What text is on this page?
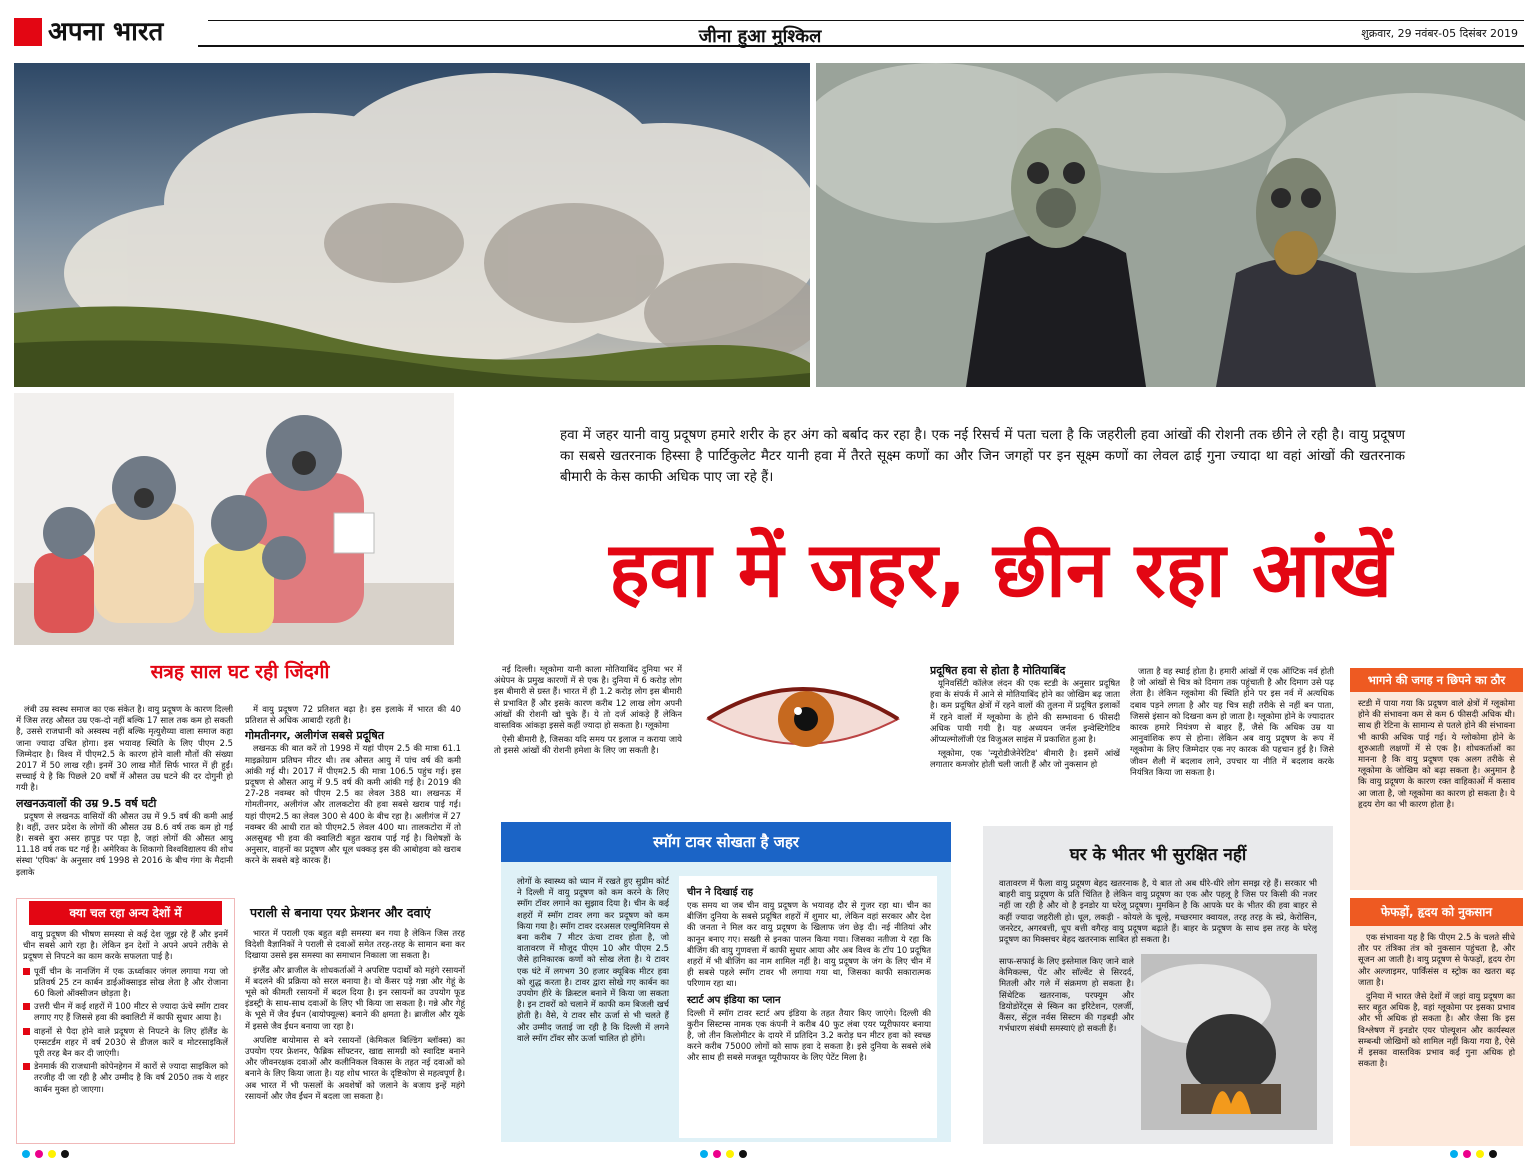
अपना भारत	जीना हुआ मुश्किल	शुक्रवार, 29 नवंबर-05 दिसंबर 2019
हवा में जहर यानी वायु प्रदूषण हमारे शरीर के हर अंग को बर्बाद कर रहा है। एक नई रिसर्च में पता चला है कि जहरीली हवा आंखों की रोशनी तक छीने ले रही है। वायु प्रदूषण का सबसे खतरनाक हिस्सा है पार्टिकुलेट मैटर यानी हवा में तैरते सूक्ष्म कणों का और जिन जगहों पर इन सूक्ष्म कणों का लेवल ढाई गुना ज्यादा था वहां आंखों की खतरनाक बीमारी के केस काफी अधिक पाए जा रहे हैं।
हवा में जहर, छीन रहा आंखें
सत्रह साल घट रही जिंदगी

लंबी उम्र स्वस्थ समाज का एक संकेत है। वायु प्रदूषण के कारण दिल्ली में जिस तरह औसत उम्र एक-दो नहीं बल्कि 17 साल तक कम हो सकती है, उससे राजधानी को अस्वस्थ नहीं बल्कि मृत्युशैय्या वाला समाज कहा जाना ज्यादा उचित होगा। इस भयावह स्थिति के लिए पीएम 2.5 जिम्मेदार है। विश्व में पीएम2.5 के कारण होने वाली मौतों की संख्या 2017 में 50 लाख रही। इनमें 30 लाख मौतें सिर्फ भारत में ही हुईं। सच्चाई ये है कि पिछले 20 वर्षों में औसत उम्र घटने की दर दोगुनी हो गयी है।

लखनऊवालों की उम्र 9.5 वर्ष घटी

प्रदूषण से लखनऊ वासियों की औसत उम्र में 9.5 वर्ष की कमी आई है। वहीं, उत्तर प्रदेश के लोगों की औसत उम्र 8.6 वर्ष तक कम हो गई है। सबसे बुरा असर हापुड़ पर पड़ा है, जहां लोगों की औसत आयु 11.18 वर्ष तक घट गई है। अमेरिका के शिकागो विश्वविद्यालय की शोध संस्था 'एपिक' के अनुसार वर्ष 1998 से 2016 के बीच गंगा के मैदानी इलाके

में वायु प्रदूषण 72 प्रतिशत बढ़ा है। इस इलाके में भारत की 40 प्रतिशत से अधिक आबादी रहती है।

गोमतीनगर, अलीगंज सबसे प्रदूषित

लखनऊ की बात करें तो 1998 में यहां पीएम 2.5 की मात्रा 61.1 माइक्रोग्राम प्रतिघन मीटर थी। तब औसत आयु में पांच वर्ष की कमी आंकी गई थी। 2017 में पीएम2.5 की मात्रा 106.5 पहुंच गई। इस प्रदूषण से औसत आयु में 9.5 वर्ष की कमी आंकी गई है। 2019 की 27-28 नवम्बर को पीएम 2.5 का लेवल 388 था। लखनऊ में गोमतीनगर, अलीगंज और तालकटोरा की हवा सबसे खराब पाई गई। यहां पीएम2.5 का लेवल 300 से 400 के बीच रहा है। अलीगंज में 27 नवम्बर की आधी रात को पीएम2.5 लेवल 400 था। तालकटोरा में तो अलसुबह भी हवा की क्वालिटी बहुत खराब पाई गई है। विशेषज्ञों के अनुसार, वाहनों का प्रदूषण और धूल धक्कड़ इस की आबोहवा को खराब करने के सबसे बड़े कारक हैं।

नई दिल्ली। ग्लूकोमा यानी काला मोतियाबिंद दुनिया भर में अंधेपन के प्रमुख कारणों में से एक है। दुनिया में 6 करोड़ लोग इस बीमारी से ग्रस्त हैं। भारत में ही 1.2 करोड़ लोग इस बीमारी से प्रभावित हैं और इसके कारण करीब 12 लाख लोग अपनी आंखों की रोशनी खो चुके हैं। ये तो दर्ज आंकड़े हैं लेकिन वास्तविक आंकड़ा इससे कहीं ज्यादा हो सकता है। ग्लूकोमा

ऐसी बीमारी है, जिसका यदि समय पर इलाज न कराया जाये तो इससे आंखों की रोशनी हमेशा के लिए जा सकती है।

प्रदूषित हवा से होता है मोतियाबिंद

यूनिवर्सिटी कॉलेज लंदन की एक स्टडी के अनुसार प्रदूषित हवा के संपर्क में आने से मोतियाबिंद होने का जोखिम बढ़ जाता है। कम प्रदूषित क्षेत्रों में रहने वालों की तुलना में प्रदूषित इलाकों में रहने वालों में ग्लूकोमा के होने की सम्भावना 6 फीसदी अधिक पायी गयी है। यह अध्ययन जर्नल इन्वेस्टिगेटिव ऑप्थल्मोलॉजी एंड विजुअल साइंस में प्रकाशित हुआ है।

ग्लूकोमा, एक 'न्यूरोडीजेनेरेटिव' बीमारी है। इसमें आंखें लगातार कमजोर होती चली जाती हैं और जो नुकसान हो

जाता है वह स्थाई होता है। हमारी आंखों में एक ऑप्टिक नर्व होती है जो आंखों से चित्र को दिमाग तक पहुंचाती है और दिमाग उसे पढ़ लेता है। लेकिन ग्लूकोमा की स्थिति होने पर इस नर्व में अत्यधिक दबाव पड़ने लगता है और यह चित्र सही तरीके से नहीं बन पाता, जिससे इंसान को दिखना कम हो जाता है। ग्लूकोमा होने के ज्यादातर कारक हमारे नियंत्रण से बाहर हैं, जैसे कि अधिक उम्र या आनुवांशिक रूप से होना। लेकिन अब वायु प्रदूषण के रूप में ग्लूकोमा के लिए जिम्मेदार एक नए कारक की पहचान हुई है। जिसे जीवन शैली में बदलाव लाने, उपचार या नीति में बदलाव करके नियंत्रित किया जा सकता है।

भागने की जगह न छिपने का ठौर
स्टडी में पाया गया कि प्रदूषण वाले क्षेत्रों में ग्लूकोमा होने की संभावना कम से कम 6 फीसदी अधिक थी। साथ ही रेटिना के सामान्य से पतले होने की संभावना भी काफी अधिक पाई गई। ये ग्लोकोमा होने के शुरुआती लक्षणों में से एक है। शोधकर्ताओं का मानना है कि वायु प्रदूषण एक अलग तरीके से ग्लूकोमा के जोखिम को बढ़ा सकता है। अनुमान है कि वायु प्रदूषण के कारण रक्त वाहिकाओं में कसाव आ जाता है, जो ग्लूकोमा का कारण हो सकता है। ये हृदय रोग का भी कारण होता है।
फेफड़ों, हृदय को नुकसान

एक संभावना यह है कि पीएम 2.5 के चलते सीधे तौर पर तंत्रिका तंत्र को नुकसान पहुंचता है, और सूजन आ जाती है। वायु प्रदूषण से फेफड़ों, हृदय रोग और अल्जाइमर, पार्किंसंस व स्ट्रोक का खतरा बढ़ जाता है।

दुनिया में भारत जैसे देशों में जहां वायु प्रदूषण का स्तर बहुत अधिक है, वहां ग्लूकोमा पर इसका प्रभाव और भी अधिक हो सकता है। और जैसा कि इस विश्लेषण में इनडोर एयर पोल्यूशन और कार्यस्थल सम्बन्धी जोखिमों को शामिल नहीं किया गया है, ऐसे में इसका वास्तविक प्रभाव कई गुना अधिक हो सकता है।

क्या चल रहा अन्य देशों में

वायु प्रदूषण की भीषण समस्या से कई देश जूझ रहे हैं और इनमें चीन सबसे आगे रहा है। लेकिन इन देशों ने अपने अपने तरीके से प्रदूषण से निपटने का काम करके सफलता पाई है।

पूर्वी चीन के नानजिंग में एक ऊर्ध्वाकार जंगल लगाया गया जो प्रतिवर्ष 25 टन कार्बन डाईऑक्साइड सोख लेता है और रोजाना 60 किलो ऑक्सीजन छोड़ता है।
उत्तरी चीन में कई शहरों में 100 मीटर से ज्यादा ऊंचे स्मॉग टावर लगाए गए हैं जिससे हवा की क्वालिटी में काफी सुधार आया है।
वाहनों से पैदा होने वाले प्रदूषण से निपटने के लिए हॉलैंड के एम्सटर्डम शहर में वर्ष 2030 से डीजल कारें व मोटरसाइकिलें पूरी तरह बैन कर दी जाएंगी।
डेनमार्क की राजधानी कोपेनहेगन में कारों से ज्यादा साइकिल को तरजीह दी जा रही है और उम्मीद है कि वर्ष 2050 तक ये शहर कार्बन मुक्त हो जाएगा।
पराली से बनाया एयर फ्रेशनर और दवाएं

भारत में पराली एक बहुत बड़ी समस्या बन गया है लेकिन जिस तरह विदेशी वैज्ञानिकों ने पराली से दवाओं समेत तरह-तरह के सामान बना कर दिखाया उससे इस समस्या का समाधान निकाला जा सकता है।

इंग्लैंड और ब्राजील के शोधकर्ताओं ने अपशिष्ट पदार्थों को महंगे रसायनों में बदलने की प्रक्रिया को सरल बनाया है। वो कैंसर पड़े गन्ना और गेहूं के भूसे को कीमती रसायनों में बदल दिया है। इन रसायनों का उपयोग फूड इंडस्ट्री के साथ-साथ दवाओं के लिए भी किया जा सकता है। गन्ने और गेहूं के भूसे में जैव ईंधन (बायोफ्यूल्स) बनाने की क्षमता है। ब्राजील और यूके में इससे जैव ईंधन बनाया जा रहा है।

अपशिष्ट बायोमास से बने रसायनों (केमिकल बिल्डिंग ब्लॉक्स) का उपयोग एयर फ्रेशनर, फैब्रिक सॉफ्टनर, खाद्य सामग्री को स्वादिष्ट बनाने और जीवनरक्षक दवाओं और कलीनिकल विकास के तहत नई दवाओं को बनाने के लिए किया जाता है। यह शोध भारत के दृष्टिकोण से महत्वपूर्ण है। अब भारत में भी फसलों के अवशेषों को जलाने के बजाय इन्हें महंगे रसायनों और जैव ईंधन में बदला जा सकता है।

स्मॉग टावर सोखता है जहर
लोगों के स्वास्थ्य को ध्यान में रखते हुए सुप्रीम कोर्ट ने दिल्ली में वायु प्रदूषण को कम करने के लिए स्मॉग टॉवर लगाने का सुझाव दिया है। चीन के कई शहरों में स्मॉग टावर लगा कर प्रदूषण को कम किया गया है। स्मॉग टावर दरअसल एल्युमिनियम से बना करीब 7 मीटर ऊंचा टावर होता है, जो वातावरण में मौजूद पीएम 10 और पीएम 2.5 जैसे हानिकारक कणों को सोख लेता है। ये टावर एक घंटे में लगभग 30 हजार क्यूबिक मीटर हवा को शुद्ध करता है। टावर द्वारा सोखे गए कार्बन का उपयोग हीरे के क्रिस्टल बनाने में किया जा सकता है। इन टावरों को चलाने में काफी कम बिजली खर्च होती है। वैसे, ये टावर सौर ऊर्जा से भी चलते हैं और उम्मीद जताई जा रही है कि दिल्ली में लगने वाले स्मॉग टॉवर सौर ऊर्जा चालित हो होंगे।
चीन ने दिखाई राह
एक समय था जब चीन वायु प्रदूषण के भयावह दौर से गुजर रहा था। चीन का बीजिंग दुनिया के सबसे प्रदूषित शहरों में शुमार था, लेकिन वहां सरकार और देश की जनता ने मिल कर वायु प्रदूषण के खिलाफ जंग छेड़ दी। नई नीतियां और कानून बनाए गए। सख्ती से इनका पालन किया गया। जिसका नतीजा ये रहा कि बीजिंग की वायु गुणवत्ता में काफी सुधार आया और अब विश्व के टॉप 10 प्रदूषित शहरों में भी बीजिंग का नाम शामिल नहीं है। वायु प्रदूषण के जंग के लिए चीन में ही सबसे पहले स्मॉग टावर भी लगाया गया था, जिसका काफी सकारात्मक परिणाम रहा था।
स्टार्ट अप इंडिया का प्लान
दिल्ली में स्मॉग टावर स्टार्ट अप इंडिया के तहत तैयार किए जाएंगे। दिल्ली की कुरीन सिस्टम्स नामक एक कंपनी ने करीब 40 फुट लंबा एयर प्यूरीफायर बनाया है, जो तीन किलोमीटर के दायरे में प्रतिदिन 3.2 करोड़ घन मीटर हवा को स्वच्छ करने करीब 75000 लोगों को साफ हवा दे सकता है। इसे दुनिया के सबसे लंबे और साथ ही सबसे मजबूत प्यूरीफायर के लिए पेटेंट मिला है।
घर के भीतर भी सुरक्षित नहीं
वातावरण में फैला वायु प्रदूषण बेहद खतरनाक है, ये बात तो अब धीरे-धीरे लोग समझ रहे हैं। सरकार भी बाहरी वायु प्रदूषण के प्रति चिंतित है लेकिन वायु प्रदूषण का एक और पहलू है जिस पर किसी की नजर नहीं जा रही है और वो है इनडोर या घरेलू प्रदूषण। मुमकिन है कि आपके घर के भीतर की हवा बाहर से कहीं ज्यादा जहरीली हो। धूल, लकड़ी - कोयले के चूल्हे, मच्छरमार क्वायल, तरह तरह के स्प्रे, केरोसिन, जनरेटर, अगरबत्ती, धूप बत्ती वगैरह वायु प्रदूषण बढ़ाते हैं। बाहर के प्रदूषण के साथ इस तरह के घरेलू प्रदूषण का मिक्सचर बेहद खतरनाक साबित हो सकता है।
साफ-सफाई के लिए इस्तेमाल किए जाने वाले केमिकल्स, पेंट और सॉल्वेंट से सिरदर्द, मितली और गले में संक्रमण हो सकता है। सिंथेटिक खतरनाक, परफ्यूम और डियोडोरेंट्स से स्किन का इरिटेशन, एलर्जी, कैंसर, सेंट्रल नर्वस सिस्टम की गड़बड़ी और गर्भधारण संबंधी समस्याएं हो सकती हैं।
